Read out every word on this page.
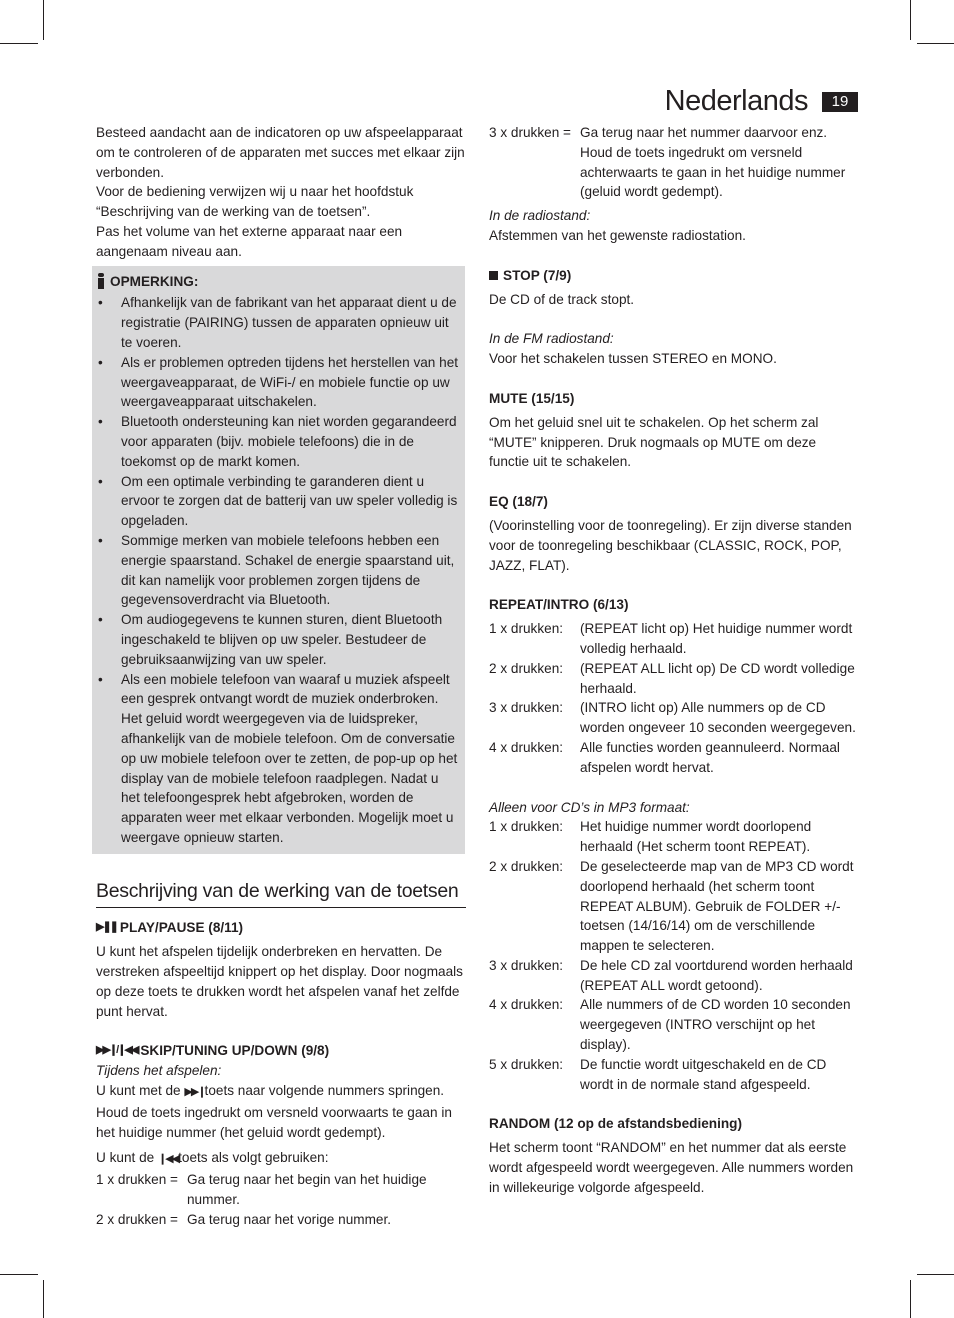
Nederlands	19

Besteed aandacht aan de indicatoren op uw afspeelapparaat om te controleren of de apparaten met succes met elkaar zijn verbonden.

Voor de bediening verwijzen wij u naar het hoofdstuk “Beschrijving van de werking van de toetsen”.

Pas het volume van het externe apparaat naar een aangenaam niveau aan.

OPMERKING:
• Afhankelijk van de fabrikant van het apparaat dient u de registratie (PAIRING) tussen de apparaten opnieuw uit te voeren.
• Als er problemen optreden tijdens het herstellen van het weergaveapparaat, de WiFi-/ en mobiele functie op uw weergaveapparaat uitschakelen.
• Bluetooth ondersteuning kan niet worden gegarandeerd voor apparaten (bijv. mobiele telefoons) die in de toekomst op de markt komen.
• Om een optimale verbinding te garanderen dient u ervoor te zorgen dat de batterij van uw speler volledig is opgeladen.
• Sommige merken van mobiele telefoons hebben een energie spaarstand. Schakel de energie spaarstand uit, dit kan namelijk voor problemen zorgen tijdens de gegevensoverdracht via Bluetooth.
• Om audiogegevens te kunnen sturen, dient Bluetooth ingeschakeld te blijven op uw speler. Bestudeer de gebruiksaanwijzing van uw speler.
• Als een mobiele telefoon van waaraf u muziek afspeelt een gesprek ontvangt wordt de muziek onderbroken. Het geluid wordt weergegeven via de luidspreker, afhankelijk van de mobiele telefoon. Om de conversatie op uw mobiele telefoon over te zetten, de pop-up op het display van de mobiele telefoon raadplegen. Nadat u het telefoongesprek hebt afgebroken, worden de apparaten weer met elkaar verbonden. Mogelijk moet u weergave opnieuw starten.
Beschrijving van de werking van de toetsen
▶❚❚ PLAY/PAUSE (8/11)

U kunt het afspelen tijdelijk onderbreken en hervatten. De verstreken afspeeltijd knippert op het display. Door nogmaals op deze toets te drukken wordt het afspelen vanaf het zelfde punt hervat.

▶▶❙/❙◀◀ SKIP/TUNING UP/DOWN (9/8)

Tijdens het afspelen:

U kunt met de ▶▶❙toets naar volgende nummers springen. Houd de toets ingedrukt om versneld voorwaarts te gaan in het huidige nummer (het geluid wordt gedempt).

U kunt de ❙◀◀toets als volgt gebruiken:

1 x drukken = Ga terug naar het begin van het huidige nummer.
2 x drukken = Ga terug naar het vorige nummer.
3 x drukken = Ga terug naar het nummer daarvoor enz. Houd de toets ingedrukt om versneld achterwaarts te gaan in het huidige nummer (geluid wordt gedempt).

In de radiostand:

Afstemmen van het gewenste radiostation.

STOP (7/9)

De CD of de track stopt.

In de FM radiostand:

Voor het schakelen tussen STEREO en MONO.

MUTE (15/15)

Om het geluid snel uit te schakelen. Op het scherm zal “MUTE” knipperen. Druk nogmaals op MUTE om deze functie uit te schakelen.

EQ (18/7)

(Voorinstelling voor de toonregeling). Er zijn diverse standen voor de toonregeling beschikbaar (CLASSIC, ROCK, POP, JAZZ, FLAT).

REPEAT/INTRO (6/13)
1 x drukken:	(REPEAT licht op) Het huidige nummer wordt volledig herhaald.
2 x drukken:	(REPEAT ALL licht op) De CD wordt volledige herhaald.
3 x drukken:	(INTRO licht op) Alle nummers op de CD worden ongeveer 10 seconden weergegeven.
4 x drukken:	Alle functies worden geannuleerd. Normaal afspelen wordt hervat.

Alleen voor CD’s in MP3 formaat:

1 x drukken:	Het huidige nummer wordt doorlopend herhaald (Het scherm toont REPEAT).
2 x drukken:	De geselecteerde map van de MP3 CD wordt doorlopend herhaald (het scherm toont REPEAT ALBUM). Gebruik de FOLDER +/- toetsen (14/16/14) om de verschillende mappen te selecteren.
3 x drukken:	De hele CD zal voortdurend worden herhaald (REPEAT ALL wordt getoond).
4 x drukken:	Alle nummers of de CD worden 10 seconden weergegeven (INTRO verschijnt op het display).
5 x drukken:	De functie wordt uitgeschakeld en de CD wordt in de normale stand afgespeeld.
RANDOM (12 op de afstandsbediening)

Het scherm toont “RANDOM” en het nummer dat als eerste wordt afgespeeld wordt weergegeven. Alle nummers worden in willekeurige volgorde afgespeeld.
